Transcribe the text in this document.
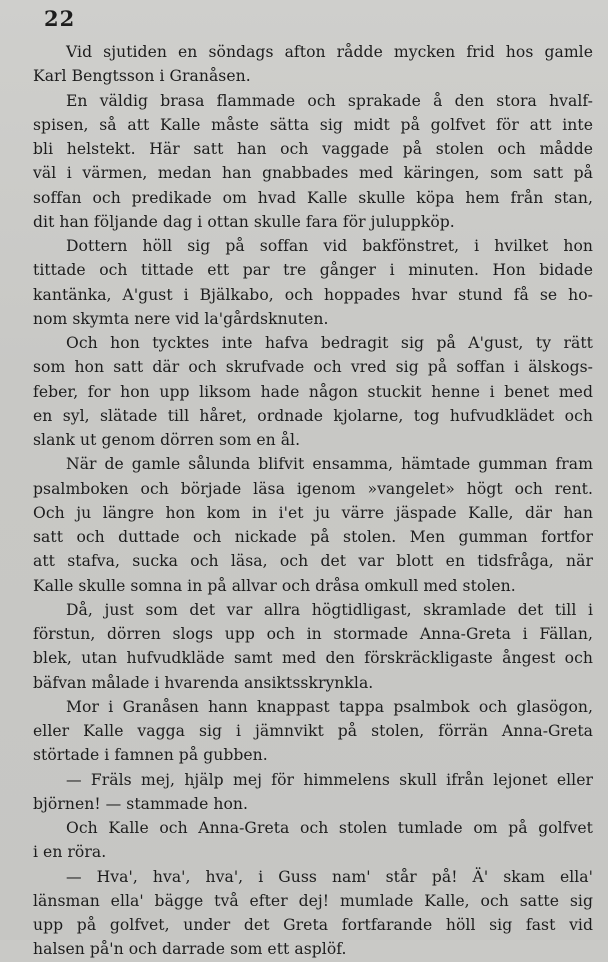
22
Vid sjutiden en söndags afton rådde mycken frid hos gamle
Karl Bengtsson i Granåsen.
En väldig brasa flammade och sprakade å den stora hvalf-
spisen, så att Kalle måste sätta sig midt på golfvet för att inte
bli helstekt. Här satt han och vaggade på stolen och mådde
väl i värmen, medan han gnabbades med käringen, som satt på
soffan och predikade om hvad Kalle skulle köpa hem från stan,
dit han följande dag i ottan skulle fara för juluppköp.
Dottern höll sig på soffan vid bakfönstret, i hvilket hon
tittade och tittade ett par tre gånger i minuten. Hon bidade
kantänka, A'gust i Bjälkabo, och hoppades hvar stund få se ho-
nom skymta nere vid la'gårdsknuten.
Och hon tycktes inte hafva bedragit sig på A'gust, ty rätt
som hon satt där och skrufvade och vred sig på soffan i älskogs-
feber, for hon upp liksom hade någon stuckit henne i benet med
en syl, slätade till håret, ordnade kjolarne, tog hufvudklädet och
slank ut genom dörren som en ål.
När de gamle sålunda blifvit ensamma, hämtade gumman fram
psalmboken och började läsa igenom »vangelet» högt och rent.
Och ju längre hon kom in i'et ju värre jäspade Kalle, där han
satt och duttade och nickade på stolen. Men gumman fortfor
att stafva, sucka och läsa, och det var blott en tidsfråga, när
Kalle skulle somna in på allvar och dråsa omkull med stolen.
Då, just som det var allra högtidligast, skramlade det till i
förstun, dörren slogs upp och in stormade Anna-Greta i Fällan,
blek, utan hufvudkläde samt med den förskräckligaste ångest och
bäfvan målade i hvarenda ansiktsskrynkla.
Mor i Granåsen hann knappast tappa psalmbok och glasögon,
eller Kalle vagga sig i jämnvikt på stolen, förrän Anna-Greta
störtade i famnen på gubben.
— Fräls mej, hjälp mej för himmelens skull ifrån lejonet eller
björnen! — stammade hon.
Och Kalle och Anna-Greta och stolen tumlade om på golfvet
i en röra.
— Hva', hva', hva', i Guss nam' står på! Ä' skam ella'
länsman ella' bägge två efter dej! mumlade Kalle, och satte sig
upp på golfvet, under det Greta fortfarande höll sig fast vid
halsen på'n och darrade som ett asplöf.
